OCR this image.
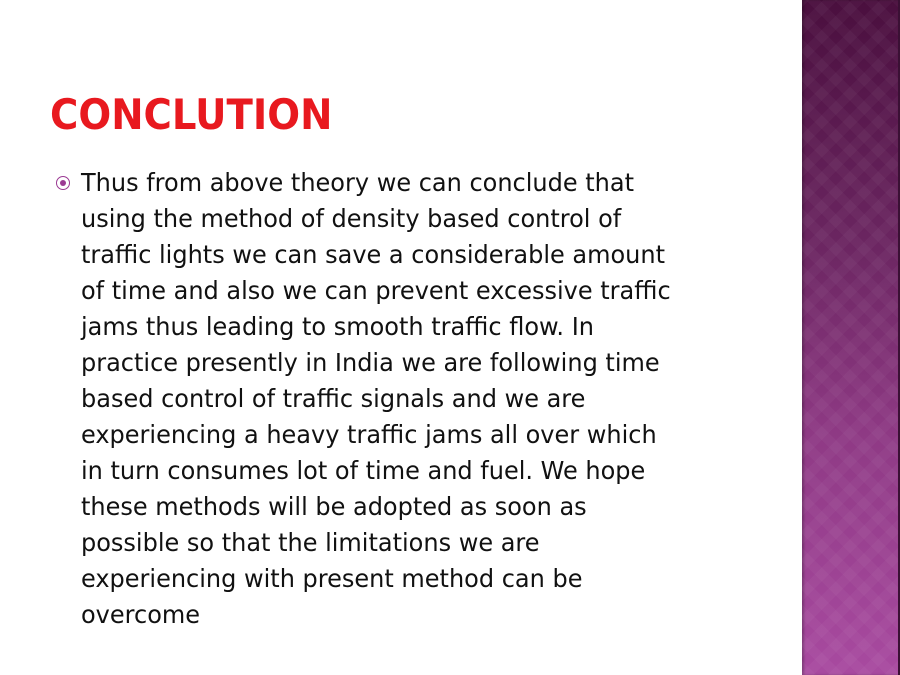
CONCLUTION
Thus from above theory we can conclude that
using the method of density based control of
traffic lights we can save a considerable amount
of time and also we can prevent excessive traffic
jams thus leading to smooth traffic flow. In
practice presently in India we are following time
based control of traffic signals and we are
experiencing a heavy traffic jams all over which
in turn consumes lot of time and fuel. We hope
these methods will be adopted as soon as
possible so that the limitations we are
experiencing with present method can be
overcome
